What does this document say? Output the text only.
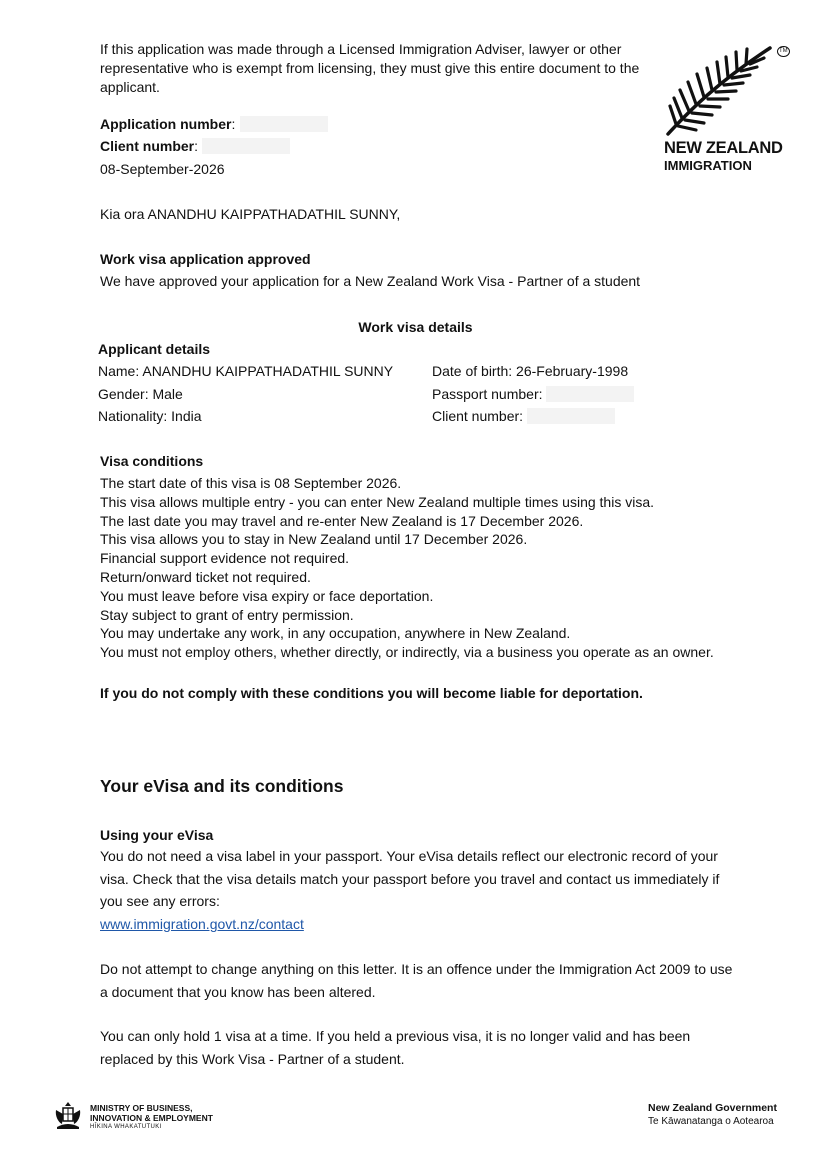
If this application was made through a Licensed Immigration Adviser, lawyer or other representative who is exempt from licensing, they must give this entire document to the applicant.
TM
NEW ZEALAND
IMMIGRATION
Application number:
Client number:
08-September-2026
Kia ora ANANDHU KAIPPATHADATHIL SUNNY,
Work visa application approved
We have approved your application for a New Zealand Work Visa - Partner of a student
Work visa details
Applicant details
Name: ANANDHU KAIPPATHADATHIL SUNNY
Gender: Male
Nationality: India
Date of birth: 26-February-1998
Passport number:
Client number:
Visa conditions
The start date of this visa is 08 September 2026.
This visa allows multiple entry - you can enter New Zealand multiple times using this visa.
The last date you may travel and re-enter New Zealand is 17 December 2026.
This visa allows you to stay in New Zealand until 17 December 2026.
Financial support evidence not required.
Return/onward ticket not required.
You must leave before visa expiry or face deportation.
Stay subject to grant of entry permission.
You may undertake any work, in any occupation, anywhere in New Zealand.
You must not employ others, whether directly, or indirectly, via a business you operate as an owner.
If you do not comply with these conditions you will become liable for deportation.
Your eVisa and its conditions
Using your eVisa
You do not need a visa label in your passport. Your eVisa details reflect our electronic record of your visa. Check that the visa details match your passport before you travel and contact us immediately if you see any errors:
www.immigration.govt.nz/contact
Do not attempt to change anything on this letter. It is an offence under the Immigration Act 2009 to use a document that you know has been altered.
You can only hold 1 visa at a time. If you held a previous visa, it is no longer valid and has been replaced by this Work Visa - Partner of a student.
MINISTRY OF BUSINESS,
INNOVATION & EMPLOYMENT
HĪKINA WHAKATUTUKI
New Zealand Government
Te Kāwanatanga o Aotearoa
